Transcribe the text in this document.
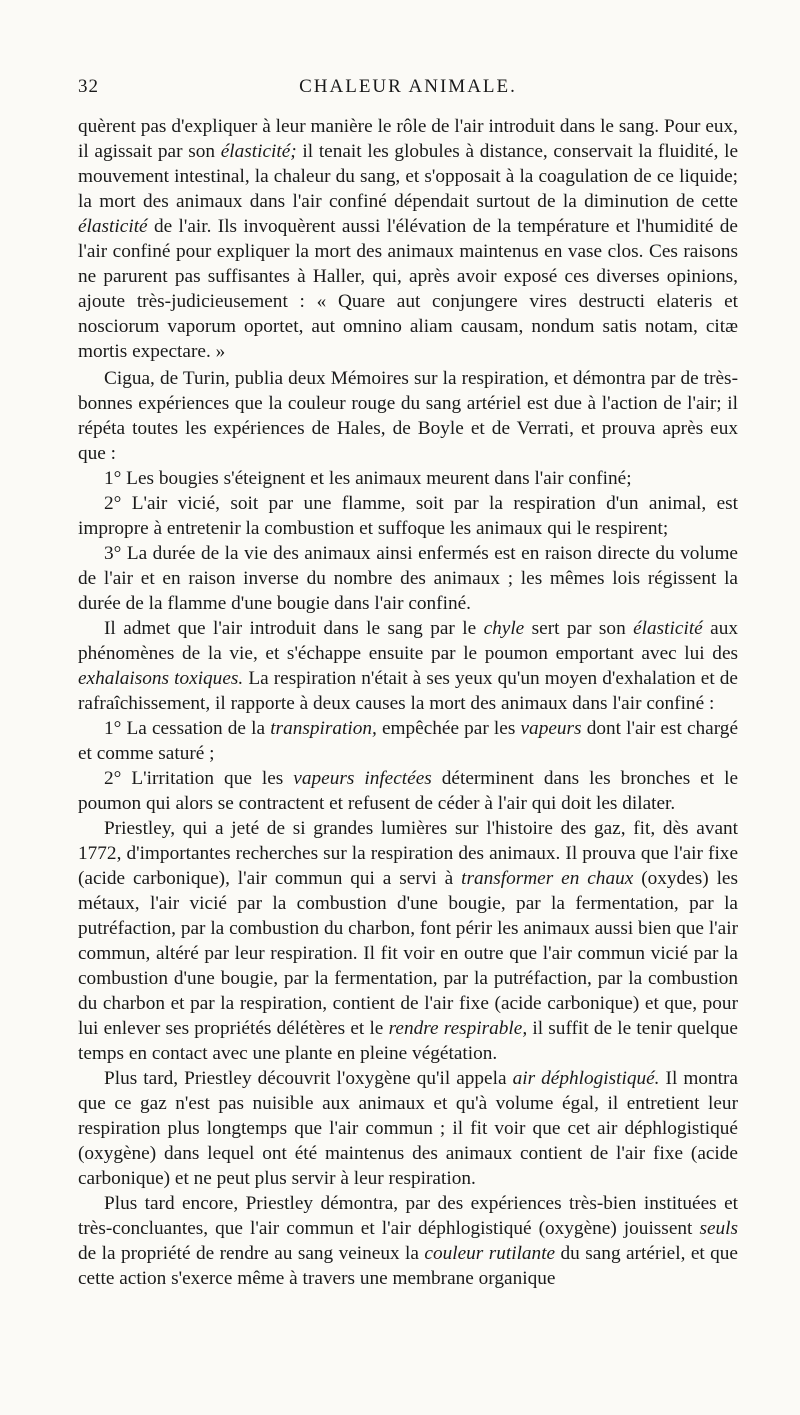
32	CHALEUR ANIMALE.

quèrent pas d'expliquer à leur manière le rôle de l'air introduit dans le sang. Pour eux, il agissait par son élasticité; il tenait les globules à distance, conservait la fluidité, le mouvement intestinal, la chaleur du sang, et s'opposait à la coagulation de ce liquide; la mort des animaux dans l'air confiné dépendait surtout de la diminution de cette élasticité de l'air. Ils invoquèrent aussi l'élévation de la température et l'humidité de l'air confiné pour expliquer la mort des animaux maintenus en vase clos. Ces raisons ne parurent pas suffisantes à Haller, qui, après avoir exposé ces diverses opinions, ajoute très-judicieusement : « Quare aut conjungere vires destructi elateris et nosciorum vaporum oportet, aut omnino aliam causam, nondum satis notam, citæ mortis expectare. »

Cigua, de Turin, publia deux Mémoires sur la respiration, et démontra par de très-bonnes expériences que la couleur rouge du sang artériel est due à l'action de l'air; il répéta toutes les expériences de Hales, de Boyle et de Verrati, et prouva après eux que :

1° Les bougies s'éteignent et les animaux meurent dans l'air confiné;

2° L'air vicié, soit par une flamme, soit par la respiration d'un animal, est impropre à entretenir la combustion et suffoque les animaux qui le respirent;

3° La durée de la vie des animaux ainsi enfermés est en raison directe du volume de l'air et en raison inverse du nombre des animaux ; les mêmes lois régissent la durée de la flamme d'une bougie dans l'air confiné.

Il admet que l'air introduit dans le sang par le chyle sert par son élasticité aux phénomènes de la vie, et s'échappe ensuite par le poumon emportant avec lui des exhalaisons toxiques. La respiration n'était à ses yeux qu'un moyen d'exhalation et de rafraîchissement, il rapporte à deux causes la mort des animaux dans l'air confiné :

1° La cessation de la transpiration, empêchée par les vapeurs dont l'air est chargé et comme saturé ;

2° L'irritation que les vapeurs infectées déterminent dans les bronches et le poumon qui alors se contractent et refusent de céder à l'air qui doit les dilater.

Priestley, qui a jeté de si grandes lumières sur l'histoire des gaz, fit, dès avant 1772, d'importantes recherches sur la respiration des animaux. Il prouva que l'air fixe (acide carbonique), l'air commun qui a servi à transformer en chaux (oxydes) les métaux, l'air vicié par la combustion d'une bougie, par la fermentation, par la putréfaction, par la combustion du charbon, font périr les animaux aussi bien que l'air commun, altéré par leur respiration. Il fit voir en outre que l'air commun vicié par la combustion d'une bougie, par la fermentation, par la putréfaction, par la combustion du charbon et par la respiration, contient de l'air fixe (acide carbonique) et que, pour lui enlever ses propriétés délétères et le rendre respirable, il suffit de le tenir quelque temps en contact avec une plante en pleine végétation.

Plus tard, Priestley découvrit l'oxygène qu'il appela air déphlogistiqué. Il montra que ce gaz n'est pas nuisible aux animaux et qu'à volume égal, il entretient leur respiration plus longtemps que l'air commun ; il fit voir que cet air déphlogistiqué (oxygène) dans lequel ont été maintenus des animaux contient de l'air fixe (acide carbonique) et ne peut plus servir à leur respiration.

Plus tard encore, Priestley démontra, par des expériences très-bien instituées et très-concluantes, que l'air commun et l'air déphlogistiqué (oxygène) jouissent seuls de la propriété de rendre au sang veineux la couleur rutilante du sang artériel, et que cette action s'exerce même à travers une membrane organique
